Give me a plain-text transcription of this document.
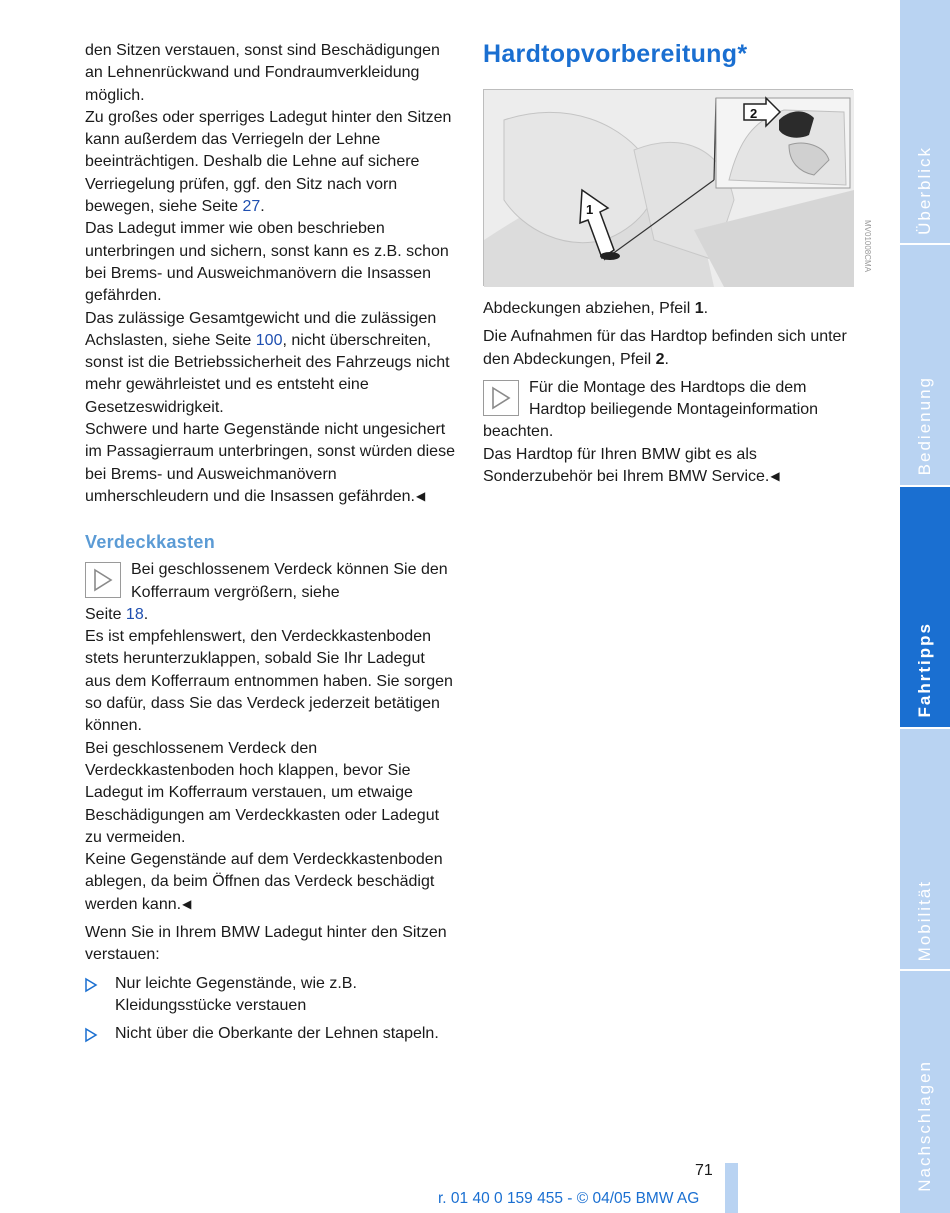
den Sitzen verstauen, sonst sind Beschädigungen an Lehnenrückwand und Fondraumverkleidung möglich.

Zu großes oder sperriges Ladegut hinter den Sitzen kann außerdem das Verriegeln der Lehne beeinträchtigen. Deshalb die Lehne auf sichere Verriegelung prüfen, ggf. den Sitz nach vorn bewegen, siehe Seite 27.

Das Ladegut immer wie oben beschrieben unterbringen und sichern, sonst kann es z.B. schon bei Brems- und Ausweichmanövern die Insassen gefährden.

Das zulässige Gesamtgewicht und die zulässigen Achslasten, siehe Seite 100, nicht überschreiten, sonst ist die Betriebssicherheit des Fahrzeugs nicht mehr gewährleistet und es entsteht eine Gesetzeswidrigkeit.

Schwere und harte Gegenstände nicht ungesichert im Passagierraum unterbringen, sonst würden diese bei Brems- und Ausweichmanövern umherschleudern und die Insassen gefährden.◀

Verdeckkasten

Bei geschlossenem Verdeck können Sie den Kofferraum vergrößern, siehe

Seite 18.

Es ist empfehlenswert, den Verdeckkastenboden stets herunterzuklappen, sobald Sie Ihr Ladegut aus dem Kofferraum entnommen haben. Sie sorgen so dafür, dass Sie das Verdeck jederzeit betätigen können.

Bei geschlossenem Verdeck den Verdeckkastenboden hoch klappen, bevor Sie Ladegut im Kofferraum verstauen, um etwaige Beschädigungen am Verdeckkasten oder Ladegut zu vermeiden.

Keine Gegenstände auf dem Verdeckkastenboden ablegen, da beim Öffnen das Verdeck beschädigt werden kann.◀

Wenn Sie in Ihrem BMW Ladegut hinter den Sitzen verstauen:

Nur leichte Gegenstände, wie z.B. Kleidungsstücke verstauen
Nicht über die Oberkante der Lehnen stapeln.
Hardtopvorbereitung*
2
1

Abdeckungen abziehen, Pfeil 1.

Die Aufnahmen für das Hardtop befinden sich unter den Abdeckungen, Pfeil 2.

Für die Montage des Hardtops die dem Hardtop beiliegende Montageinformation

beachten.

Das Hardtop für Ihren BMW gibt es als Sonderzubehör bei Ihrem BMW Service.◀

MV01008CMA
Überblick
Bedienung
Fahrtipps
Mobilität
Nachschlagen
71
r. 01 40 0 159 455 - © 04/05 BMW AG
